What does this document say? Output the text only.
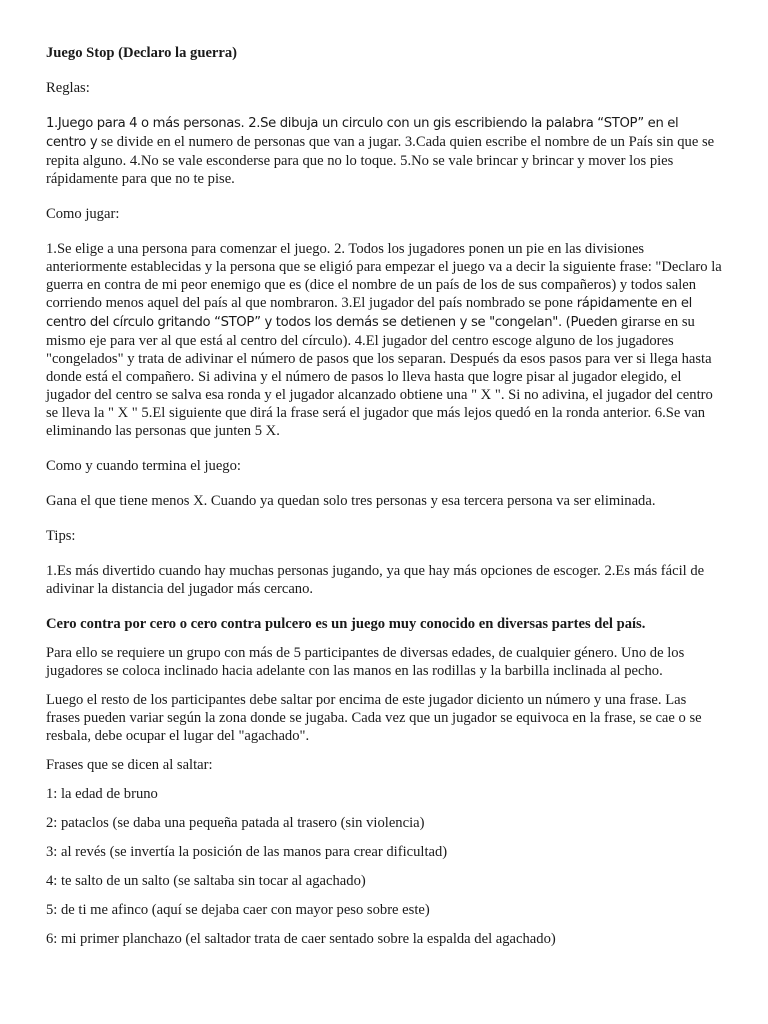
Juego Stop (Declaro la guerra)

Reglas:

1.Juego para 4 o más personas. 2.Se dibuja un circulo con un gis escribiendo la palabra “STOP” en el centro y se divide en el numero de personas que van a jugar. 3.Cada quien escribe el nombre de un País sin que se repita alguno. 4.No se vale esconderse para que no lo toque. 5.No se vale brincar y brincar y mover los pies rápidamente para que no te pise.

Como jugar:

1.Se elige a una persona para comenzar el juego. 2. Todos los jugadores ponen un pie en las divisiones anteriormente establecidas y la persona que se eligió para empezar el juego va a decir la siguiente frase: "Declaro la guerra en contra de mi peor enemigo que es (dice el nombre de un país de los de sus compañeros) y todos salen corriendo menos aquel del país al que nombraron. 3.El jugador del país nombrado se pone rápidamente en el centro del círculo gritando “STOP” y todos los demás se detienen y se "congelan". (Pueden girarse en su mismo eje para ver al que está al centro del círculo). 4.El jugador del centro escoge alguno de los jugadores "congelados" y trata de adivinar el número de pasos que los separan. Después da esos pasos para ver si llega hasta donde está el compañero. Si adivina y el número de pasos lo lleva hasta que logre pisar al jugador elegido, el jugador del centro se salva esa ronda y el jugador alcanzado obtiene una " X ". Si no adivina, el jugador del centro se lleva la " X " 5.El siguiente que dirá la frase será el jugador que más lejos quedó en la ronda anterior. 6.Se van eliminando las personas que junten 5 X.

Como y cuando termina el juego:

Gana el que tiene menos X. Cuando ya quedan solo tres personas y esa tercera persona va ser eliminada.

Tips:

1.Es más divertido cuando hay muchas personas jugando, ya que hay más opciones de escoger. 2.Es más fácil de adivinar la distancia del jugador más cercano.

Cero contra por cero o cero contra pulcero es un juego muy conocido en diversas partes del país.

Para ello se requiere un grupo con más de 5 participantes de diversas edades, de cualquier género. Uno de los jugadores se coloca inclinado hacia adelante con las manos en las rodillas y la barbilla inclinada al pecho.

Luego el resto de los participantes debe saltar por encima de este jugador diciento un número y una frase. Las frases pueden variar según la zona donde se jugaba. Cada vez que un jugador se equivoca en la frase, se cae o se resbala, debe ocupar el lugar del "agachado".

Frases que se dicen al saltar:

1: la edad de bruno

2: pataclos (se daba una pequeña patada al trasero (sin violencia)

3: al revés (se invertía la posición de las manos para crear dificultad)

4: te salto de un salto (se saltaba sin tocar al agachado)

5: de ti me afinco (aquí se dejaba caer con mayor peso sobre este)

6: mi primer planchazo (el saltador trata de caer sentado sobre la espalda del agachado)
